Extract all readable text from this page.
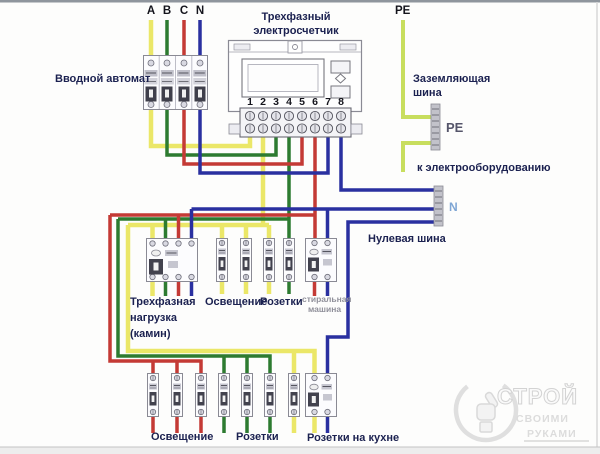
1 2 3 4 5 6 7 8
A B C N
Вводной автомат
Трехфазный
электросчетчик
PE
Заземляющая
шина
PE
к электрооборудованию
N
Нулевая шина
Трехфазная
нагрузка
(камин)
Освещение
Розетки стиральная
машина
Освещение Розетки	Розетки на кухне
СТРОЙ
СВОИМИ
РУКАМИ
